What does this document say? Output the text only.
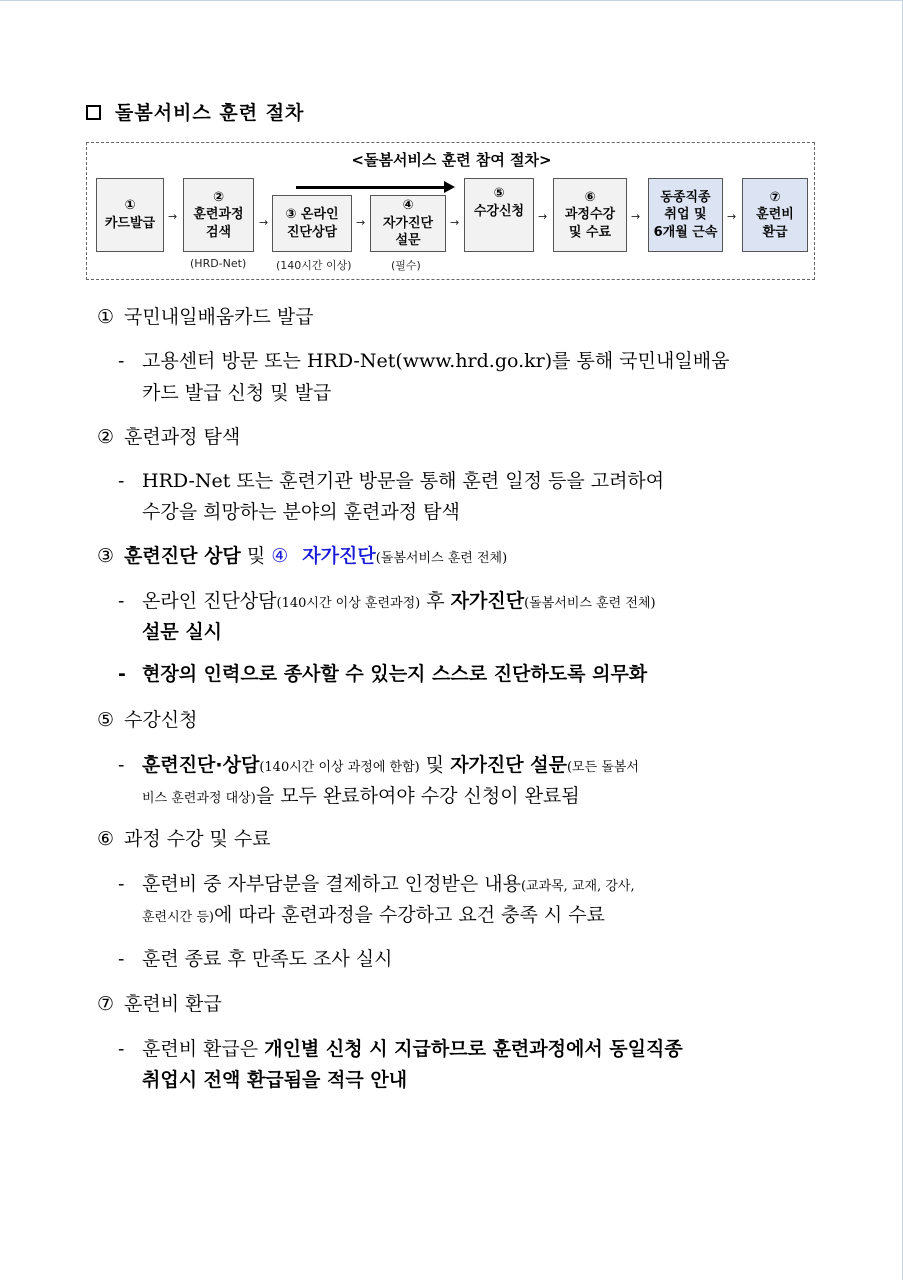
돌봄서비스 훈련 절차
<돌봄서비스 훈련 참여 절차>
①
카드발급 →
②
훈련과정
검색
→
③ 온라인
진단상담
→
④
자가진단
설문
→
⑤
수강신청 →
⑥
과정수강
및 수료
→
동종직종
취업 및
6개월 근속
→
⑦
훈련비
환급
(HRD-Net)	(140시간 이상)	(필수)
① 국민내일배움카드 발급
- 고용센터 방문 또는 HRD-Net(www.hrd.go.kr)를 통해 국민내일배움
카드 발급 신청 및 발급
② 훈련과정 탐색
- HRD-Net 또는 훈련기관 방문을 통해 훈련 일정 등을 고려하여
수강을 희망하는 분야의 훈련과정 탐색
③ 훈련진단 상담 및 ④ 자가진단(돌봄서비스 훈련 전체)
- 온라인 진단상담(140시간 이상 훈련과정) 후 자가진단(돌봄서비스 훈련 전체)
설문 실시
- 현장의 인력으로 종사할 수 있는지 스스로 진단하도록 의무화
⑤ 수강신청
- 훈련진단·상담(140시간 이상 과정에 한함) 및 자가진단 설문(모든 돌봄서
비스 훈련과정 대상)을 모두 완료하여야 수강 신청이 완료됨
⑥ 과정 수강 및 수료
- 훈련비 중 자부담분을 결제하고 인정받은 내용(교과목, 교재, 강사,
훈련시간 등)에 따라 훈련과정을 수강하고 요건 충족 시 수료
- 훈련 종료 후 만족도 조사 실시
⑦ 훈련비 환급
- 훈련비 환급은 개인별 신청 시 지급하므로 훈련과정에서 동일직종
취업시 전액 환급됨을 적극 안내
